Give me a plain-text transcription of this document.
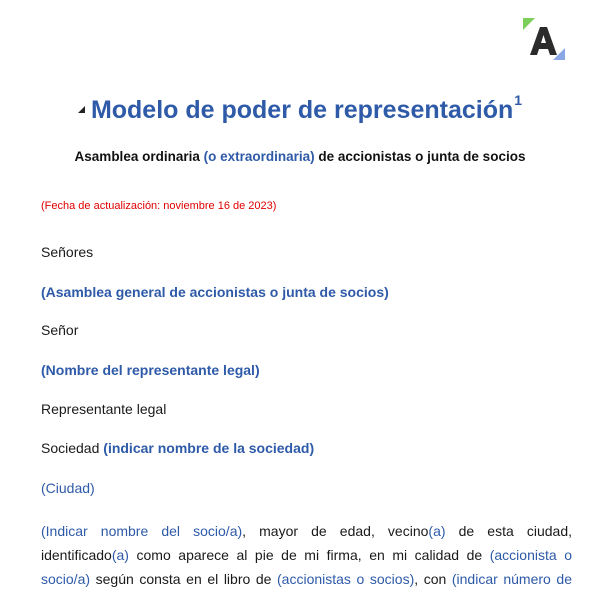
Modelo de poder de representación$^1$
Asamblea ordinaria (o extraordinaria) de accionistas o junta de socios
(Fecha de actualización: noviembre 16 de 2023)
Señores
(Asamblea general de accionistas o junta de socios)
Señor
(Nombre del representante legal)
Representante legal
Sociedad (indicar nombre de la sociedad)
(Ciudad)
(Indicar nombre del socio/a), mayor de edad, vecino(a) de esta ciudad,
identificado(a) como aparece al pie de mi firma, en mi calidad de (accionista o
socio/a) según consta en el libro de (accionistas o socios), con (indicar número de
